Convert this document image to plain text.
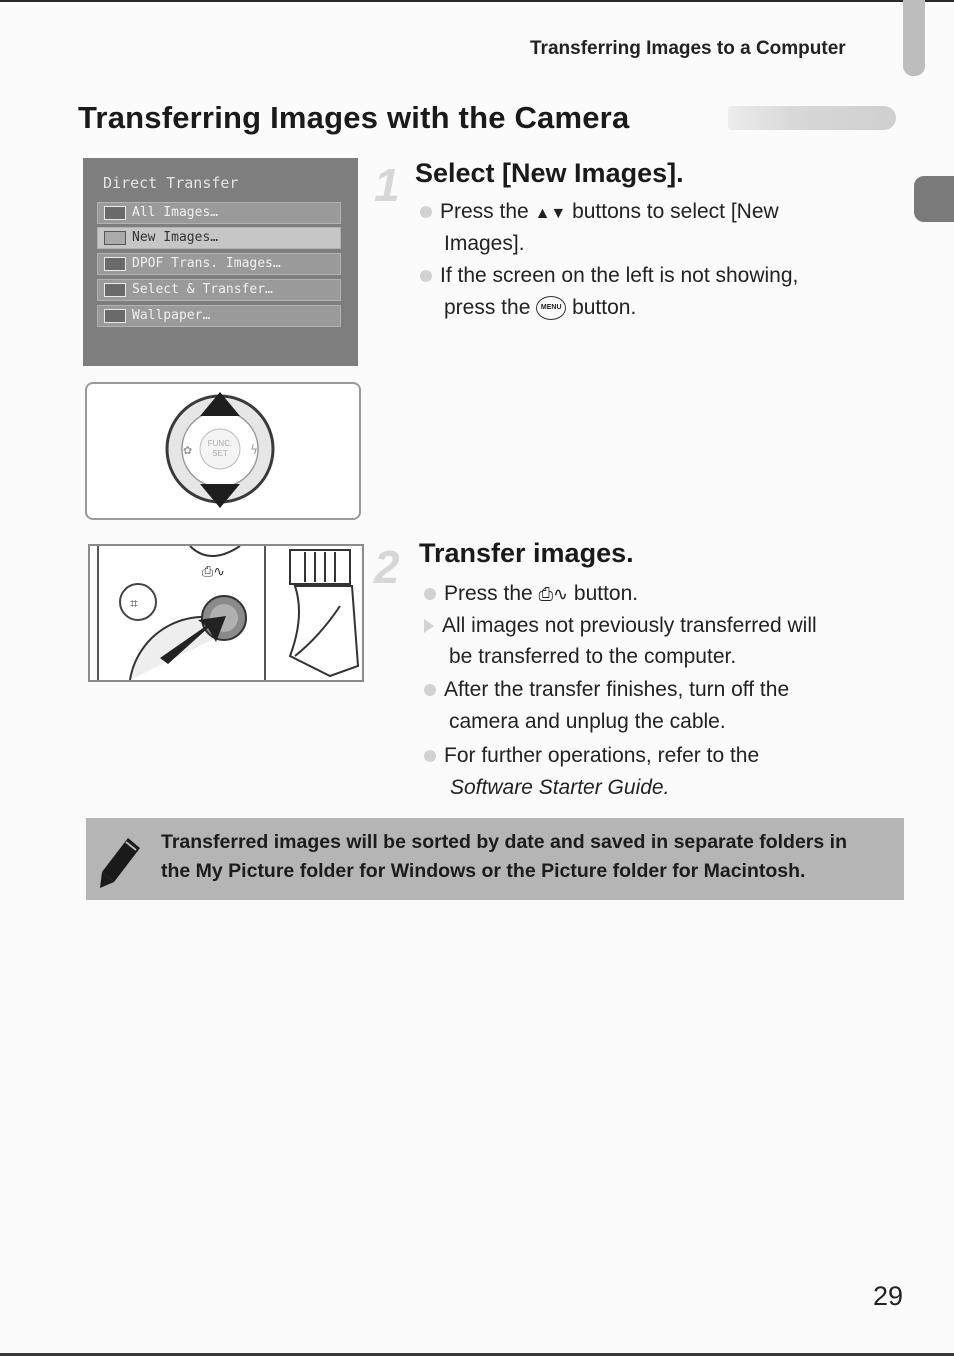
Transferring Images to a Computer
Transferring Images with the Camera
Direct Transfer
All Images…
New Images…
DPOF Trans. Images…
Select & Transfer…
Wallpaper…
FUNC.
SET
✿	ϟ
⌗
⎙∿
1 Select [New Images].
Press the ▲▼ buttons to select [New
Images].
If the screen on the left is not showing,
press the MENU button.
2 Transfer images.
Press the ⎙∿ button.
All images not previously transferred will
be transferred to the computer.
After the transfer finishes, turn off the
camera and unplug the cable.
For further operations, refer to the
Software Starter Guide.
Transferred images will be sorted by date and saved in separate folders in
the My Picture folder for Windows or the Picture folder for Macintosh.
29
